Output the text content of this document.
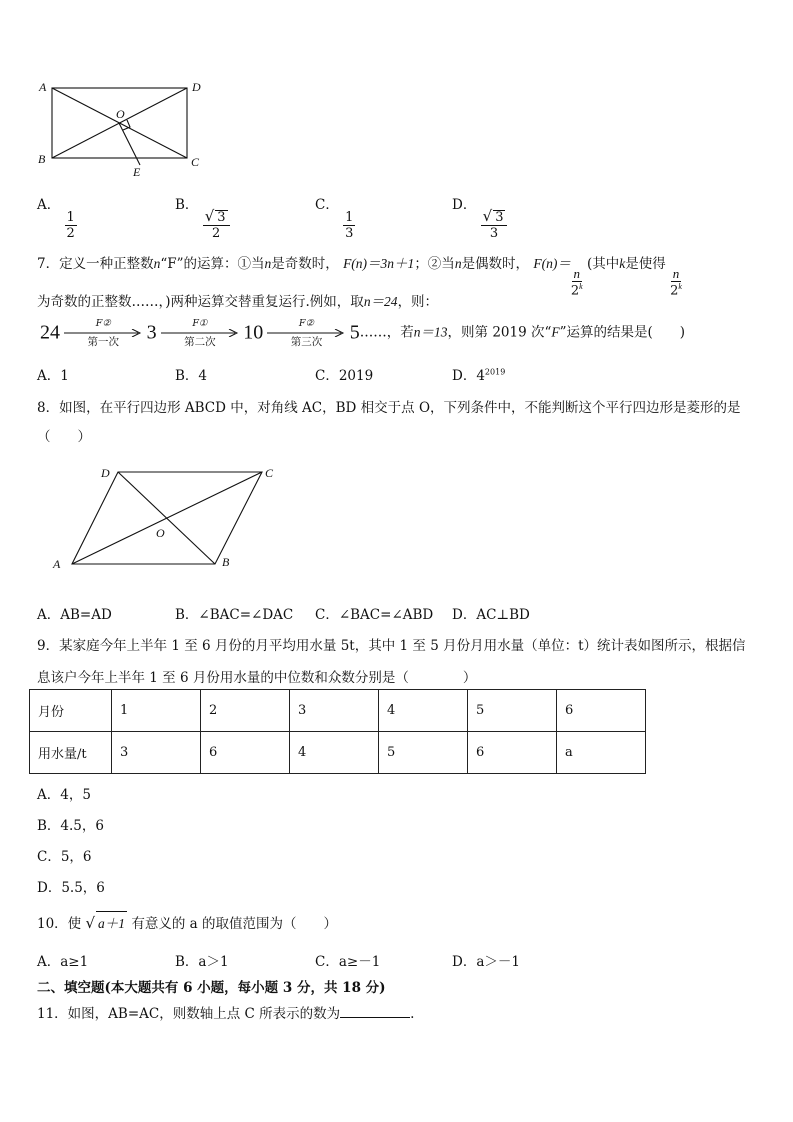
A	D
O
B	C
E
A．
$\frac{1}{2}$
B．
$\frac{√ 3}{2}$
C．
$\frac{1}{3}$
D．
$\frac{√ 3}{3}$
7．定义一种正整数n“F”的运算：①当n是奇数时， F(n)＝3n＋1；②当n是偶数时， F(n)＝
$\frac{n}{2^k}$
(其中k是使得
$\frac{n}{2^k}$
为奇数的正整数……，)两种运算交替重复运行.例如，取n＝24，则：
24	F②
第一次 3	F①
第二次 10	F②
第三次 5……，若n＝13，则第 2019 次“F”运算的结果是(　　)
A．1	B．4	C．2019	D．$4^{2019}$
8．如图，在平行四边形 ABCD 中，对角线 AC，BD 相交于点 O，下列条件中，不能判断这个平行四边形是菱形的是
（　　）
D	C
O
A	B
A．AB=AD	B．∠BAC=∠DAC C．∠BAC=∠ABD D．AC⊥BD
9．某家庭今年上半年 1 至 6 月份的月平均用水量 5t，其中 1 至 5 月份月用水量（单位：t）统计表如图所示，根据信
息该户今年上半年 1 至 6 月份用水量的中位数和众数分别是（　　　　）
月份	1	2	3	4	5	6
用水量/t	3	6	4	5	6	a
A．4，5
B．4.5，6
C．5，6
D．5.5，6
10．使 √ a＋1 有意义的 a 的取值范围为（　　）
A．a≥1	B．a＞1	C．a≥－1	D．a＞－1
二、填空题(本大题共有 6 小题，每小题 3 分，共 18 分)
11．如图，AB=AC，则数轴上点 C 所表示的数为	.
